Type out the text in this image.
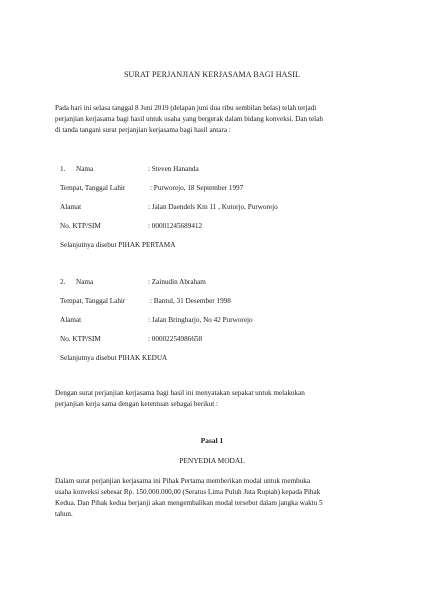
SURAT PERJANJIAN KERJASAMA BAGI HASIL
Pada hari ini selasa tanggal 8 Juni 2019 (delapan juni dua ribu sembilan belas) telah terjadi
perjanjian kerjasama bagi hasil untuk usaha yang bergerak dalam bidang konveksi. Dan telah
di tanda tangani surat perjanjian kerjasama bagi hasil antara :
1. Nama	: Steven Hananda
Tempat, Tanggal Lahir	: Purworejo, 18 September 1997
Alamat	: Jalan Daendels Km 11 , Kutorjo, Purworejo
No. KTP/SIM	: 00001245689412
Selanjutnya disebut PIHAK PERTAMA
2. Nama	: Zainudin Abraham
Tempat, Tanggal Lahir	: Bantul, 31 Desember 1998
Alamat	: Jalan Bringharjo, No 42 Purworejo
No. KTP/SIM	: 00002254986658
Selanjutnya disebut PIHAK KEDUA
Dengan surat perjanjian kerjasama bagi hasil ini menyatakan sepakat untuk melakukan
perjanjian kerja sama dengan ketentuan sebagai berikut :
Pasal 1
PENYEDIA MODAL
Dalam surat perjanjian kerjasama ini Pihak Pertama memberikan modal untuk membuka
usaha konveksi sebesar Rp. 150.000.000,00 (Seratus Lima Puluh Juta Rupiah) kepada Pihak
Kedua. Dan Pihak kedua berjanji akan mengembalikan modal tersebut dalam jangka waktu 5
tahun.
